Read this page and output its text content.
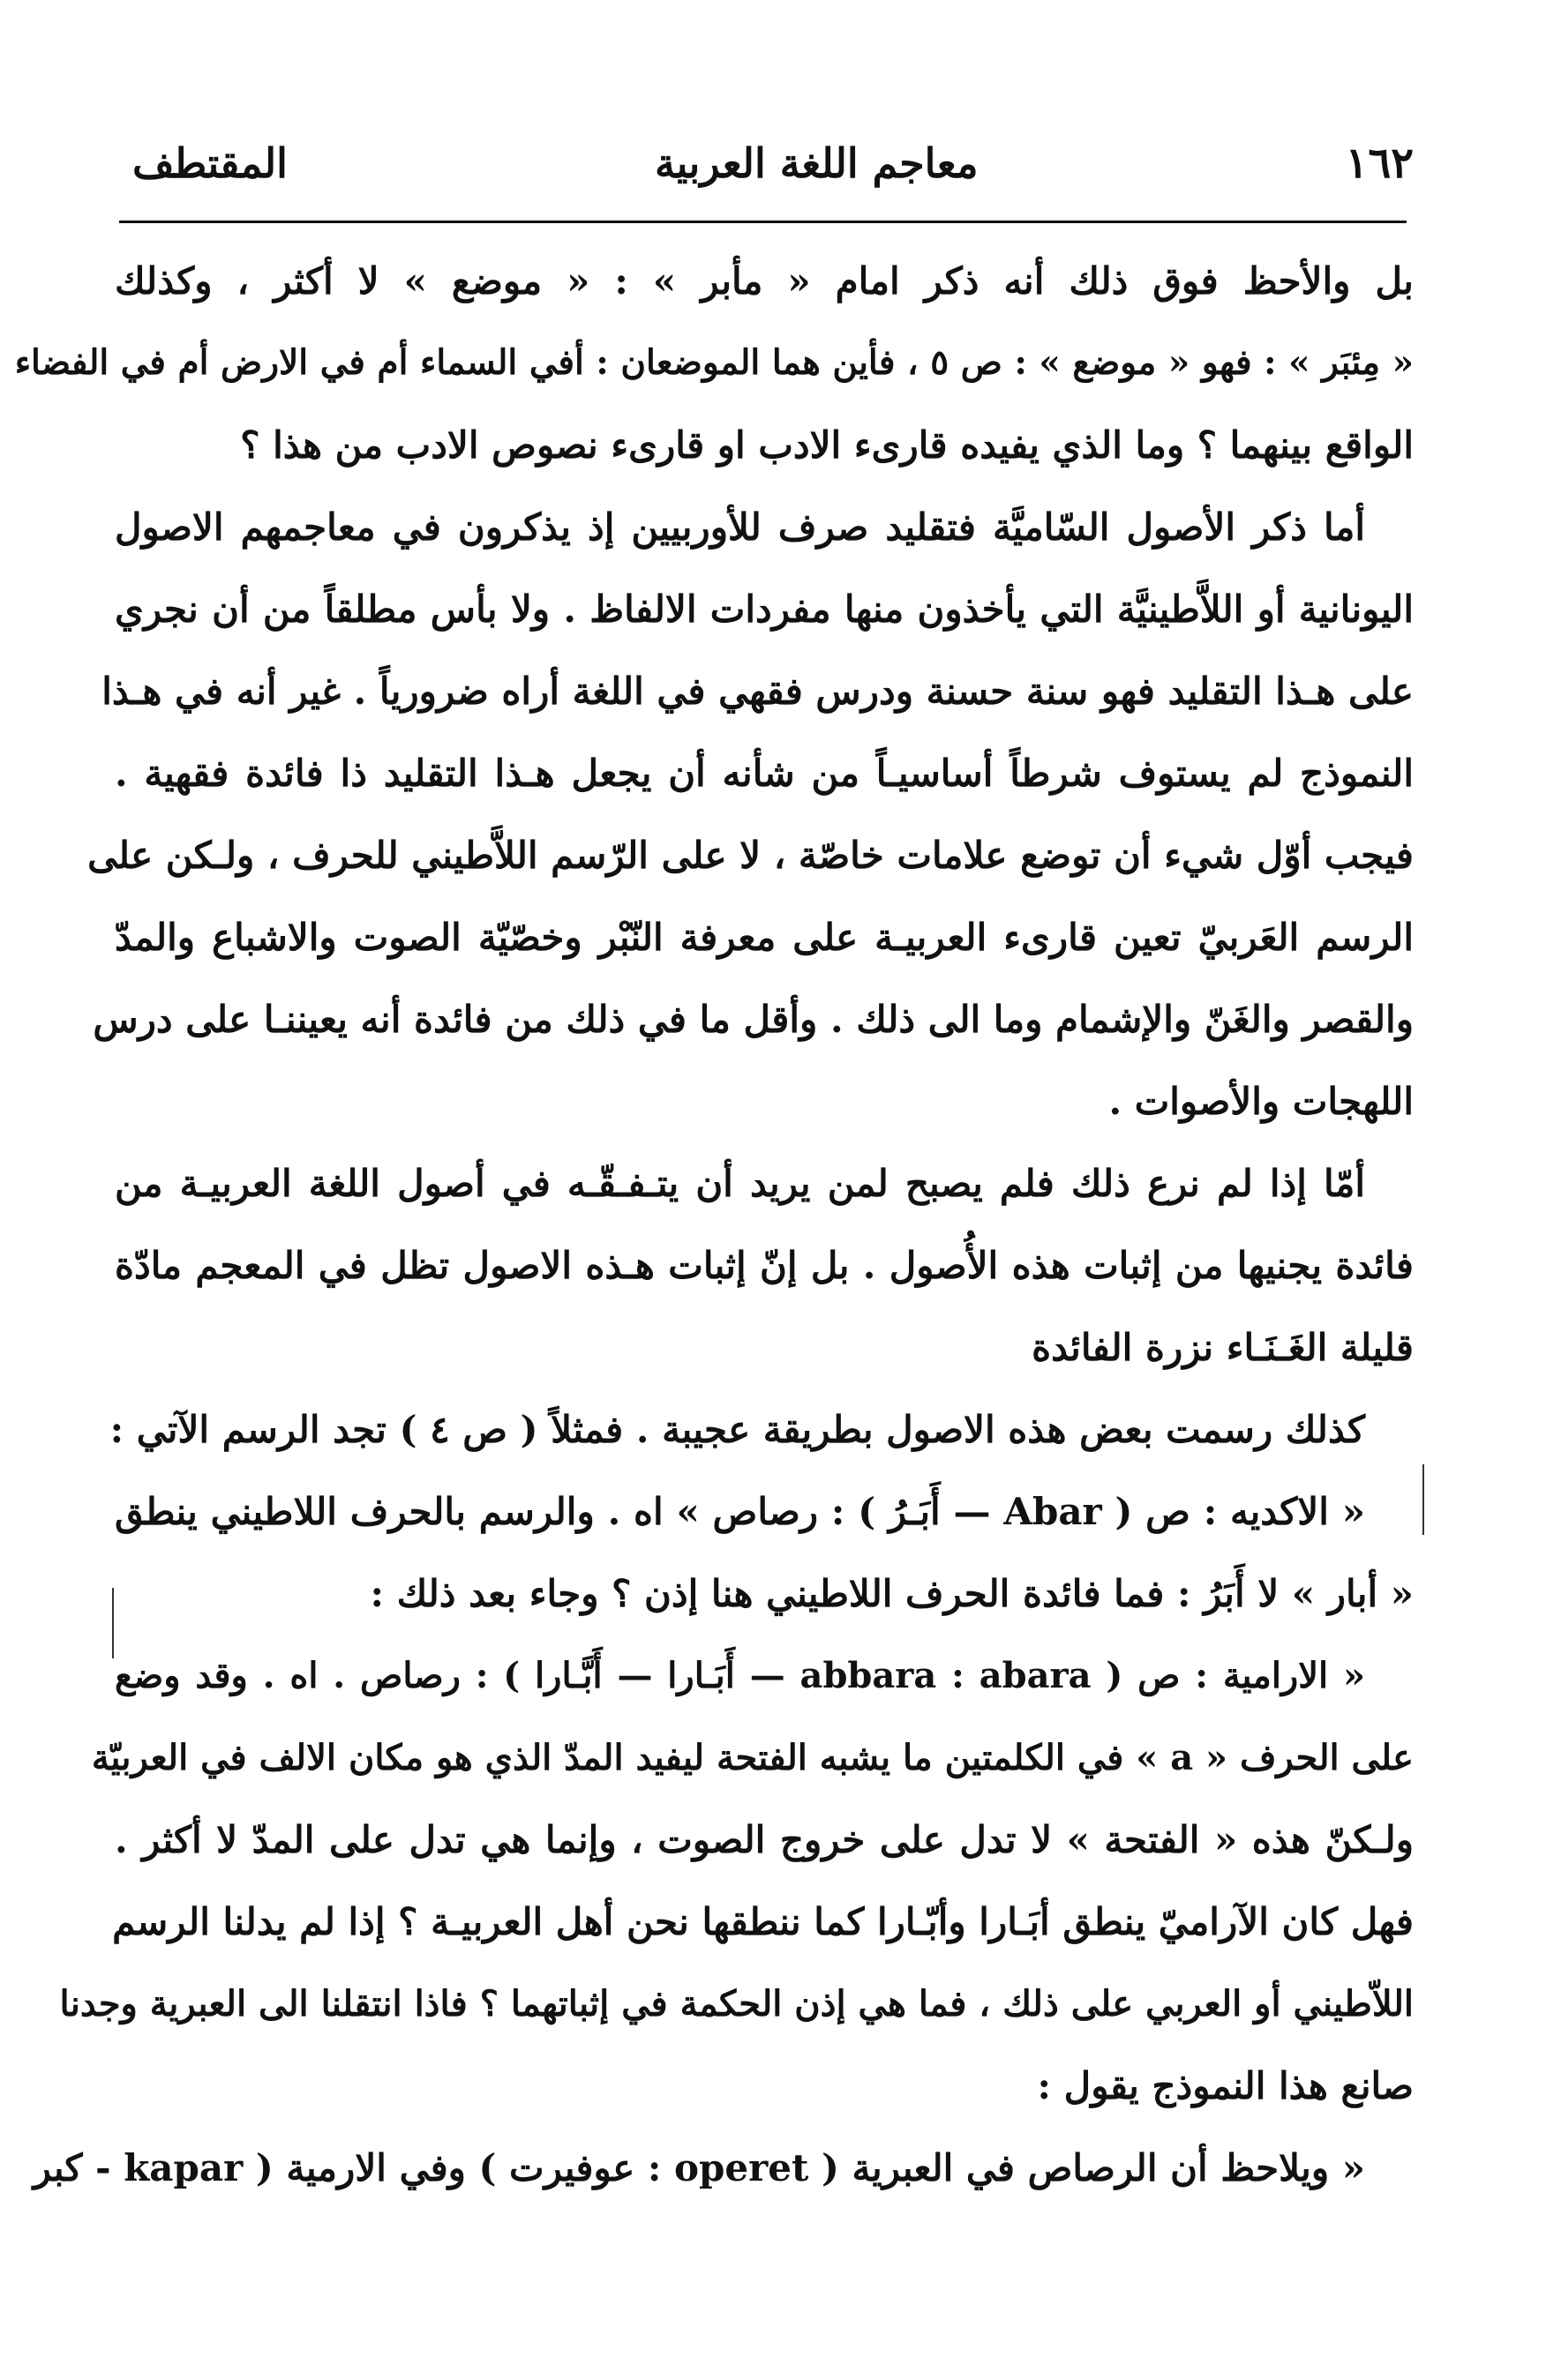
١٦٢
معاجم اللغة العربية
المقتطف
بل والأحظ فوق ذلك أنه ذكر امام « مأبر » : « موضع » لا أكثر ، وكذلك
« مِئبَر » : فهو « موضع » : ص ٥ ، فأين هما الموضعان : أفي السماء أم في الارض أم في الفضاء
الواقع بينهما ؟ وما الذي يفيده قارىء الادب او قارىء نصوص الادب من هذا ؟
أما ذكر الأصول السّاميَّة فتقليد صرف للأوربيين إذ يذكرون في معاجمهم الاصول
اليونانية أو اللاَّطينيَّة التي يأخذون منها مفردات الالفاظ . ولا بأس مطلقاً من أن نجري
على هـذا التقليد فهو سنة حسنة ودرس فقهي في اللغة أراه ضرورياً . غير أنه في هـذا
النموذج لم يستوف شرطاً أساسيـاً من شأنه أن يجعل هـذا التقليد ذا فائدة فقهية .
فيجب أوّل شيء أن توضع علامات خاصّة ، لا على الرّسم اللاَّطيني للحرف ، ولـكن على
الرسم العَربيّ تعين قارىء العربيـة على معرفة النّبْر وخصّيّة الصوت والاشباع والمدّ
والقصر والغَنّ والإشمام وما الى ذلك . وأقل ما في ذلك من فائدة أنه يعيننـا على درس
اللهجات والأصوات .
أمّا إذا لم نرع ذلك فلم يصبح لمن يريد أن يتـفـقّـه في أصول اللغة العربيـة من
فائدة يجنيها من إثبات هذه الأُصول . بل إنّ إثبات هـذه الاصول تظل في المعجم مادّة
قليلة الغَـنَـاء نزرة الفائدة
كذلك رسمت بعض هذه الاصول بطريقة عجيبة . فمثلاً ( ص ٤ ) تجد الرسم الآتي :
« الاكديه : ص ( Abar — أَبَـرُ ) : رصاص » اه . والرسم بالحرف اللاطيني ينطق
« أبار » لا أَبَرُ : فما فائدة الحرف اللاطيني هنا إذن ؟ وجاء بعد ذلك :
« الارامية : ص ( abbara : abara — أَبَـارا — أَبَّـارا ) : رصاص . اه . وقد وضع
على الحرف « a » في الكلمتين ما يشبه الفتحة ليفيد المدّ الذي هو مكان الالف في العربيّة
ولـكنّ هذه « الفتحة » لا تدل على خروج الصوت ، وإنما هي تدل على المدّ لا أكثر .
فهل كان الآراميّ ينطق أبَـارا وأبّـارا كما ننطقها نحن أهل العربيـة ؟ إذا لم يدلنا الرسم
اللاّطيني أو العربي على ذلك ، فما هي إذن الحكمة في إثباتهما ؟ فاذا انتقلنا الى العبرية وجدنا
صانع هذا النموذج يقول :
« ويلاحظ أن الرصاص في العبرية ( operet : عوفيرت ) وفي الارمية ( kapar - كبر
